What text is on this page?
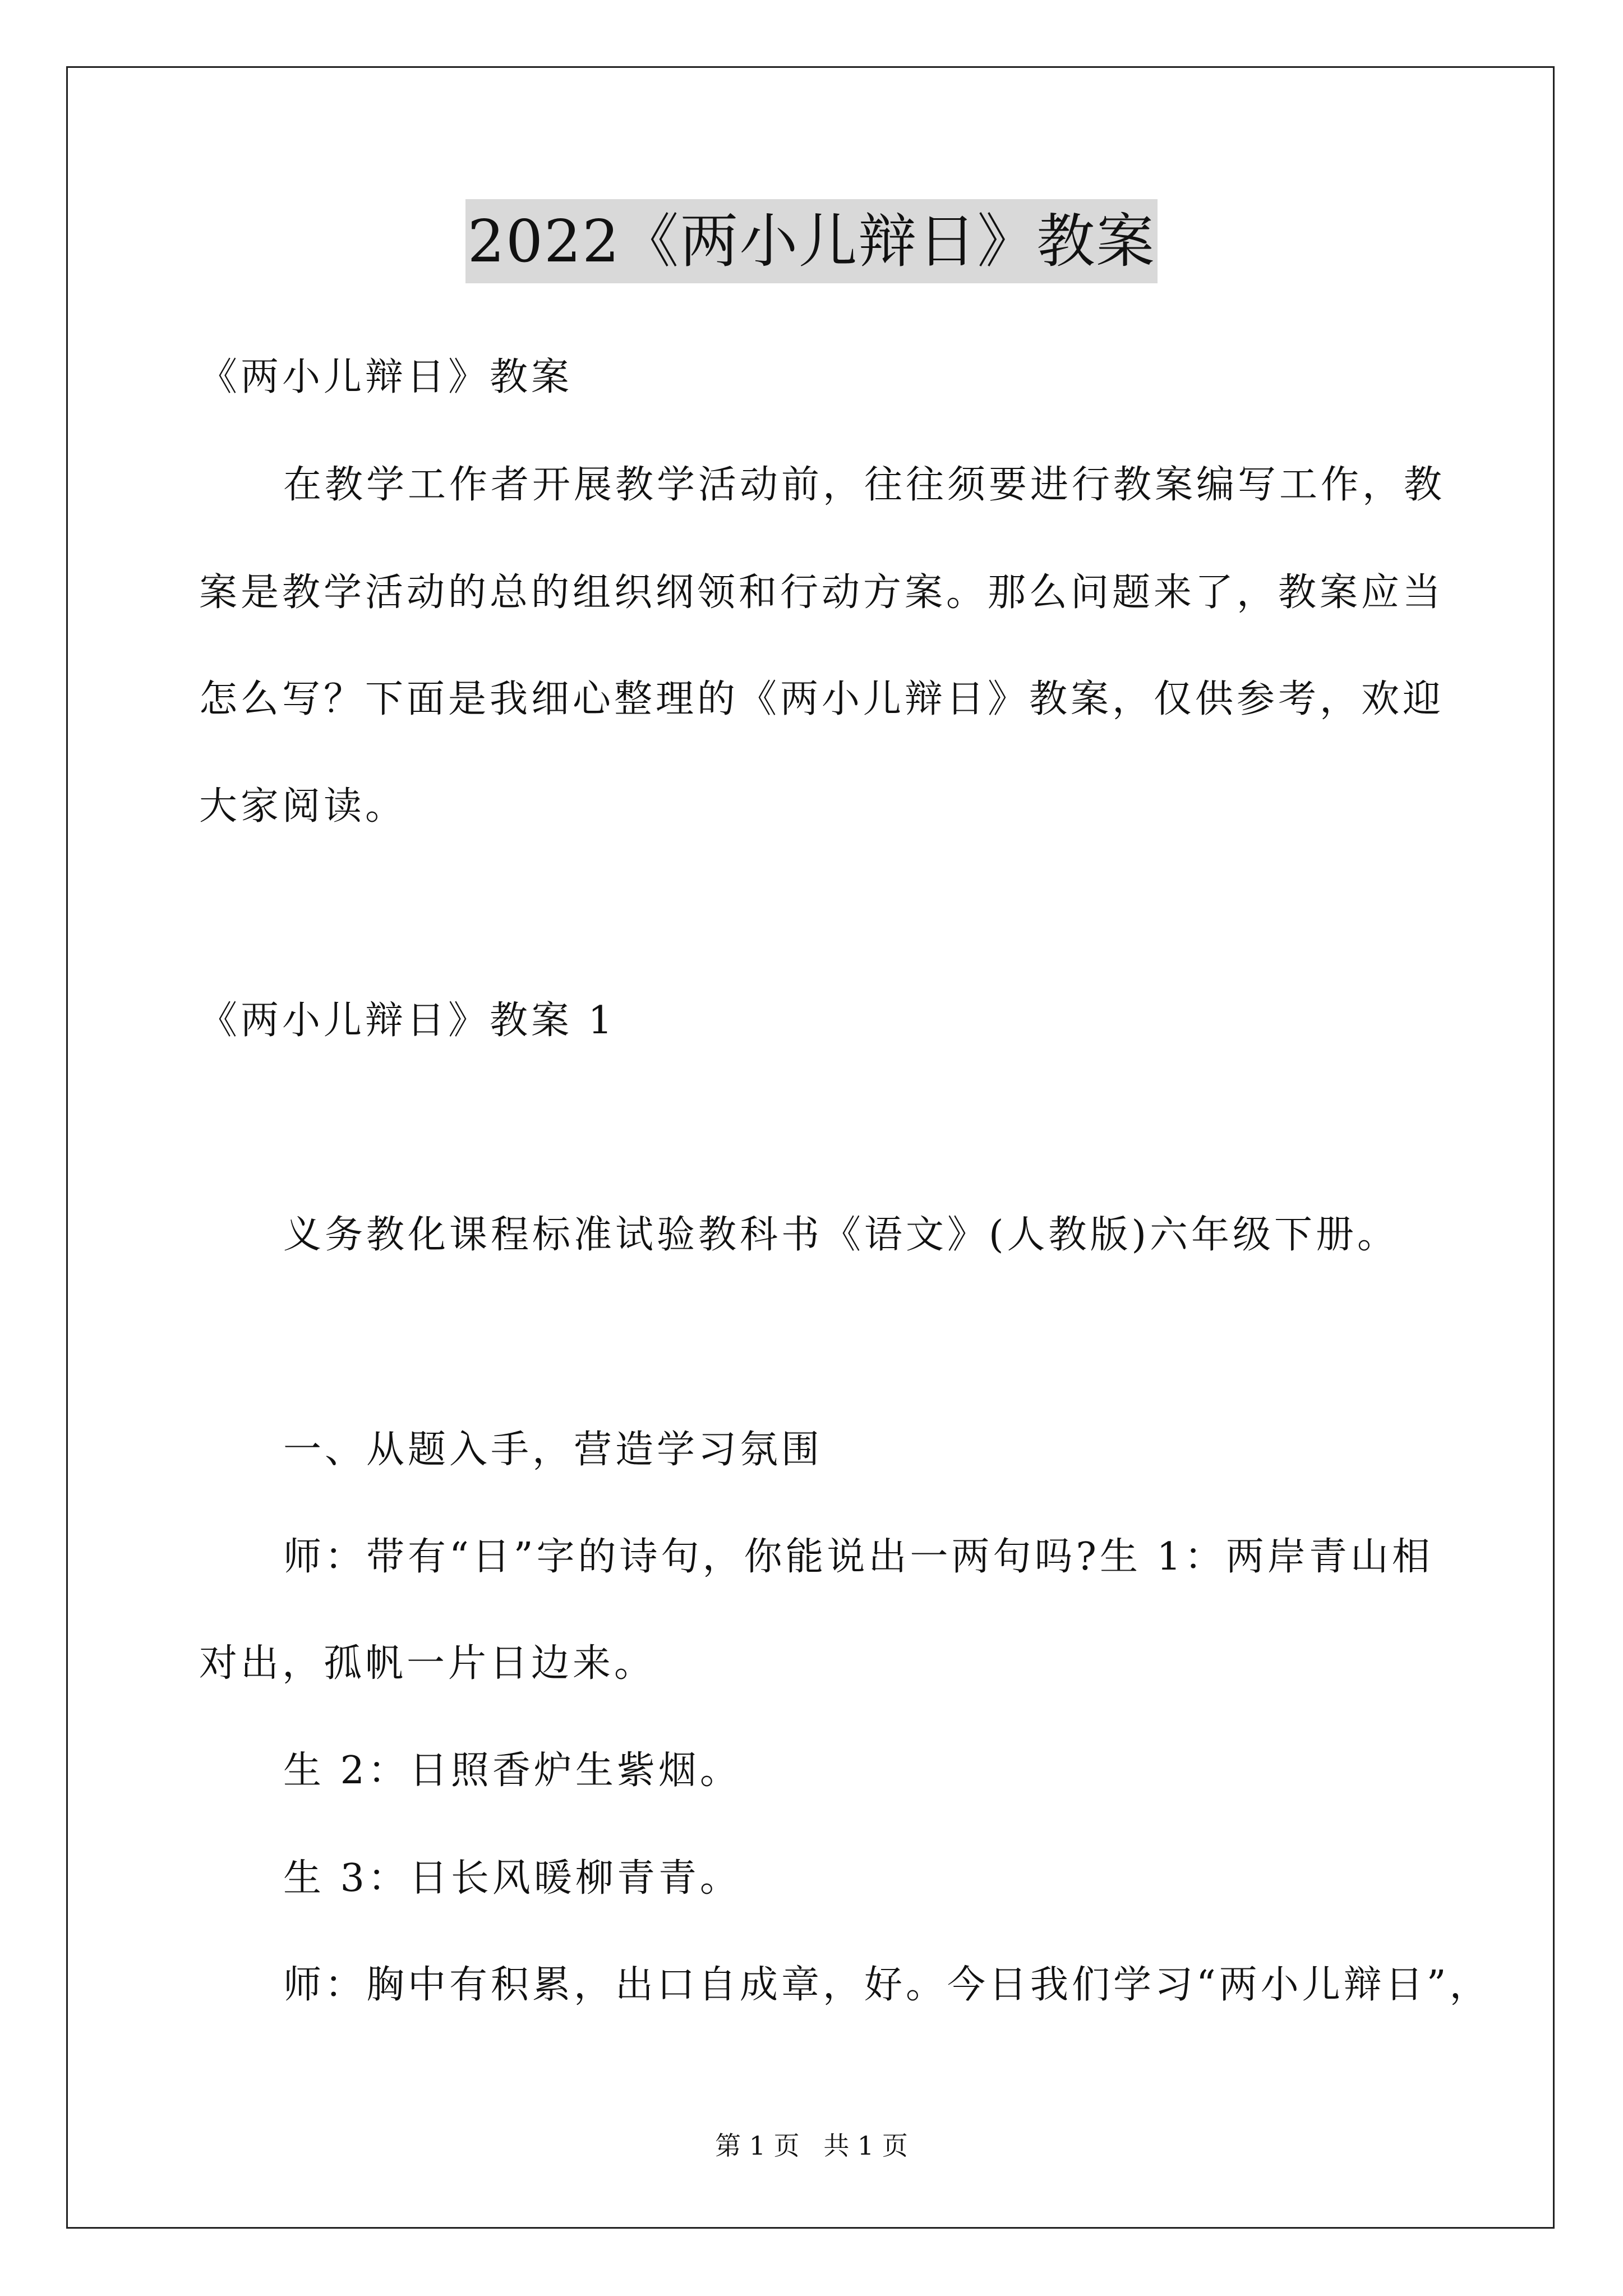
2022《两小儿辩日》教案
《两小儿辩日》教案
在教学工作者开展教学活动前，往往须要进行教案编写工作，教
案是教学活动的总的组织纲领和行动方案。那么问题来了，教案应当
怎么写？下面是我细心整理的《两小儿辩日》教案，仅供参考，欢迎
大家阅读。
《两小儿辩日》教案 1
义务教化课程标准试验教科书《语文》(人教版)六年级下册。
一、从题入手，营造学习氛围
师：带有“日”字的诗句，你能说出一两句吗?生 1：两岸青山相
对出，孤帆一片日边来。
生 2：日照香炉生紫烟。
生 3：日长风暖柳青青。
师：胸中有积累，出口自成章，好。今日我们学习“两小儿辩日”，
第 1 页 共 1 页
